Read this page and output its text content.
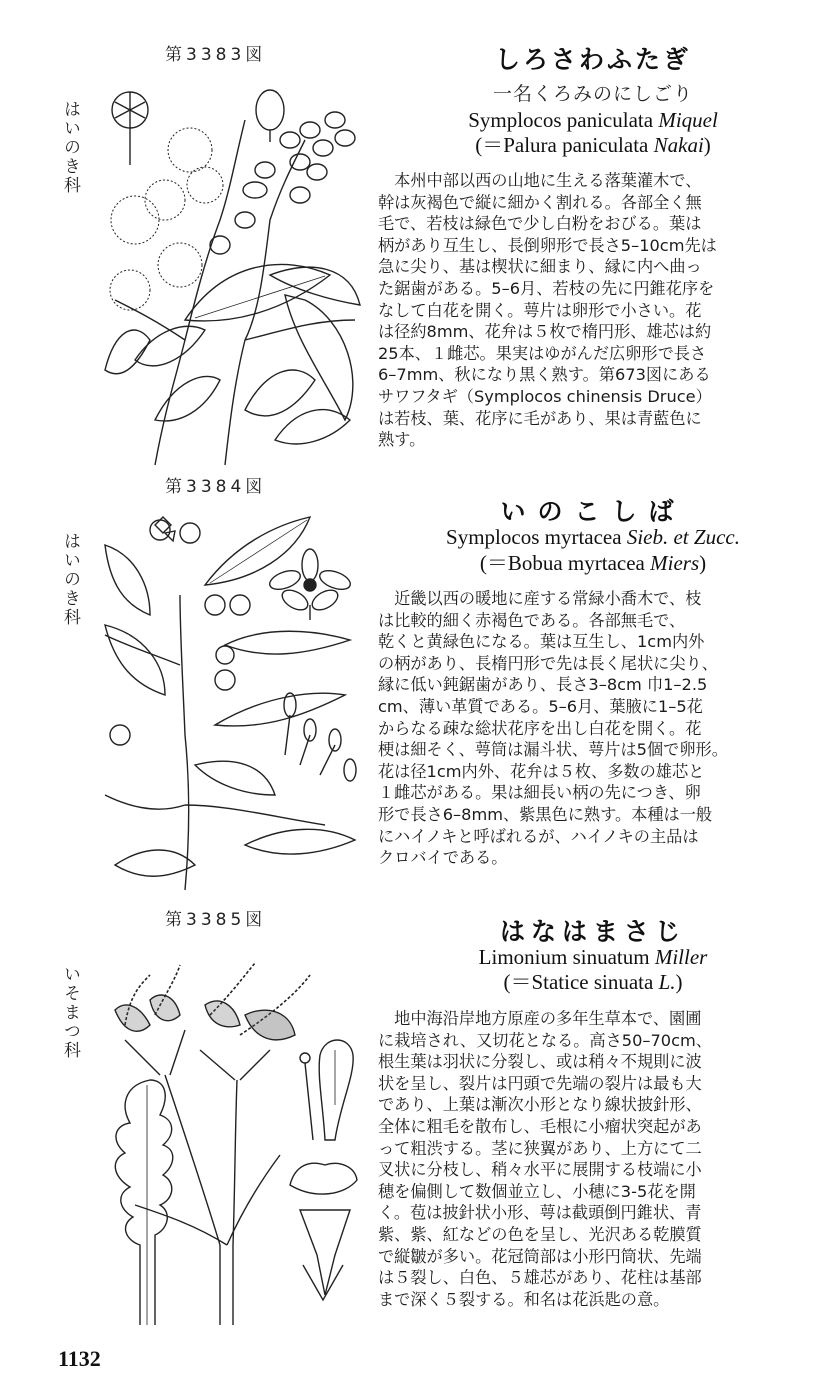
第3383図
はいのき科
しろさわふたぎ
一名くろみのにしごり
Symplocos paniculata Miquel
(＝Palura paniculata Nakai)
　本州中部以西の山地に生える落葉灌木で、
幹は灰褐色で縦に細かく割れる。各部全く無
毛で、若枝は緑色で少し白粉をおびる。葉は
柄があり互生し、長倒卵形で長さ5–10cm先は
急に尖り、基は楔状に細まり、縁に内へ曲っ
た鋸歯がある。5–6月、若枝の先に円錐花序を
なして白花を開く。萼片は卵形で小さい。花
は径約8mm、花弁は５枚で楕円形、雄芯は約
25本、１雌芯。果実はゆがんだ広卵形で長さ
6–7mm、秋になり黒く熟す。第673図にある
サワフタギ（Symplocos chinensis Druce）
は若枝、葉、花序に毛があり、果は青藍色に
熟す。
第3384図
はいのき科
いのこしば
Symplocos myrtacea Sieb. et Zucc.
(＝Bobua myrtacea Miers)
　近畿以西の暖地に産する常緑小喬木で、枝
は比較的細く赤褐色である。各部無毛で、
乾くと黄緑色になる。葉は互生し、1cm内外
の柄があり、長楕円形で先は長く尾状に尖り、
縁に低い鈍鋸歯があり、長さ3–8cm 巾1–2.5
cm、薄い革質である。5–6月、葉腋に1–5花
からなる疎な総状花序を出し白花を開く。花
梗は細そく、萼筒は漏斗状、萼片は5個で卵形。
花は径1cm内外、花弁は５枚、多数の雄芯と
１雌芯がある。果は細長い柄の先につき、卵
形で長さ6–8mm、紫黒色に熟す。本種は一般
にハイノキと呼ばれるが、ハイノキの主品は
クロバイである。
第3385図
いそまつ科
はなはまさじ
Limonium sinuatum Miller
(＝Statice sinuata L.)
　地中海沿岸地方原産の多年生草本で、園圃
に栽培され、又切花となる。高さ50–70cm、
根生葉は羽状に分裂し、或は稍々不規則に波
状を呈し、裂片は円頭で先端の裂片は最も大
であり、上葉は漸次小形となり線状披針形、
全体に粗毛を散布し、毛根に小瘤状突起があ
って粗渋する。茎に狭翼があり、上方にて二
叉状に分枝し、稍々水平に展開する枝端に小
穂を偏側して数個並立し、小穂に3-5花を開
く。苞は披針状小形、萼は截頭倒円錐状、青
紫、紫、紅などの色を呈し、光沢ある乾膜質
で縦皺が多い。花冠筒部は小形円筒状、先端
は５裂し、白色、５雄芯があり、花柱は基部
まで深く５裂する。和名は花浜匙の意。
1132
